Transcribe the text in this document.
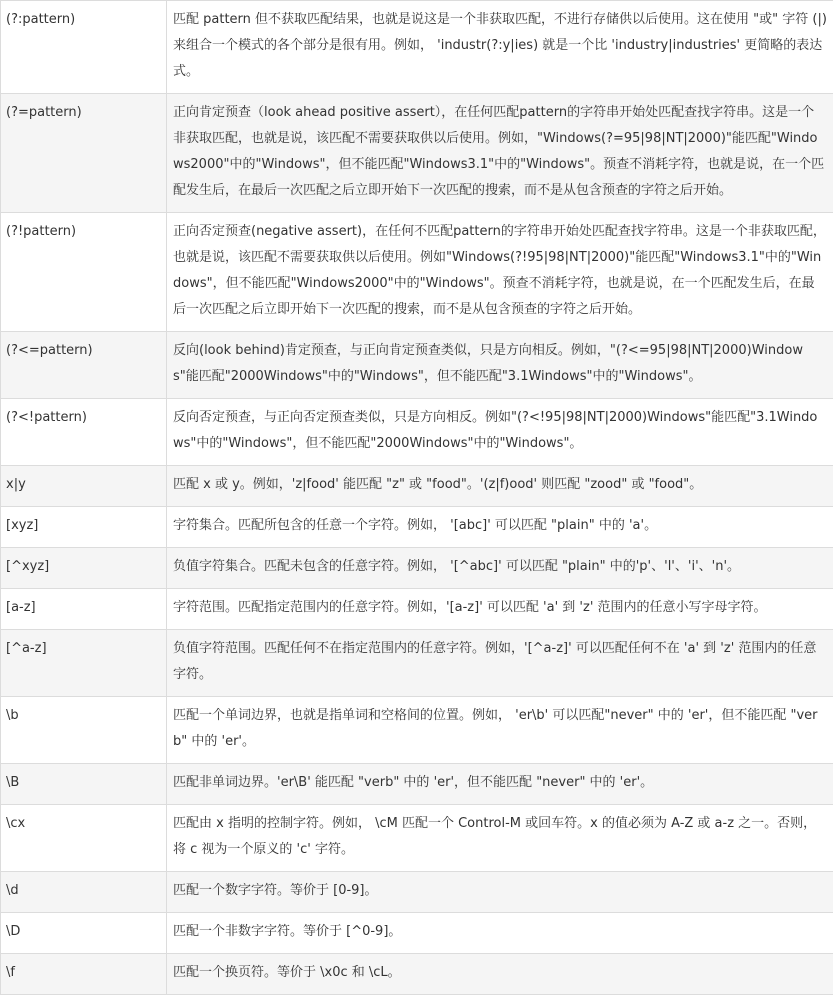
(?:pattern)	匹配 pattern 但不获取匹配结果，也就是说这是一个非获取匹配，不进行存储供以后使用。这在使用 "或" 字符 (|) 来组合一个模式的各个部分是很有用。例如， 'industr(?:y|ies) 就是一个比 'industry|industries' 更简略的表达式。
(?=pattern)	正向肯定预查（look ahead positive assert），在任何匹配pattern的字符串开始处匹配查找字符串。这是一个非获取匹配，也就是说，该匹配不需要获取供以后使用。例如，"Windows(?=95|98|NT|2000)"能匹配"Windows2000"中的"Windows"，但不能匹配"Windows3.1"中的"Windows"。预查不消耗字符，也就是说，在一个匹配发生后，在最后一次匹配之后立即开始下一次匹配的搜索，而不是从包含预查的字符之后开始。
(?!pattern)	正向否定预查(negative assert)，在任何不匹配pattern的字符串开始处匹配查找字符串。这是一个非获取匹配，也就是说，该匹配不需要获取供以后使用。例如"Windows(?!95|98|NT|2000)"能匹配"Windows3.1"中的"Windows"，但不能匹配"Windows2000"中的"Windows"。预查不消耗字符，也就是说，在一个匹配发生后，在最后一次匹配之后立即开始下一次匹配的搜索，而不是从包含预查的字符之后开始。
(?<=pattern)	反向(look behind)肯定预查，与正向肯定预查类似，只是方向相反。例如，"(?<=95|98|NT|2000)Windows"能匹配"2000Windows"中的"Windows"，但不能匹配"3.1Windows"中的"Windows"。
(?<!pattern)	反向否定预查，与正向否定预查类似，只是方向相反。例如"(?<!95|98|NT|2000)Windows"能匹配"3.1Windows"中的"Windows"，但不能匹配"2000Windows"中的"Windows"。
x|y	匹配 x 或 y。例如，'z|food' 能匹配 "z" 或 "food"。'(z|f)ood' 则匹配 "zood" 或 "food"。
[xyz]	字符集合。匹配所包含的任意一个字符。例如， '[abc]' 可以匹配 "plain" 中的 'a'。
[^xyz]	负值字符集合。匹配未包含的任意字符。例如， '[^abc]' 可以匹配 "plain" 中的'p'、'l'、'i'、'n'。
[a-z]	字符范围。匹配指定范围内的任意字符。例如，'[a-z]' 可以匹配 'a' 到 'z' 范围内的任意小写字母字符。
[^a-z]	负值字符范围。匹配任何不在指定范围内的任意字符。例如，'[^a-z]' 可以匹配任何不在 'a' 到 'z' 范围内的任意字符。
\b	匹配一个单词边界，也就是指单词和空格间的位置。例如， 'er\b' 可以匹配"never" 中的 'er'，但不能匹配 "verb" 中的 'er'。
\B	匹配非单词边界。'er\B' 能匹配 "verb" 中的 'er'，但不能匹配 "never" 中的 'er'。
\cx	匹配由 x 指明的控制字符。例如， \cM 匹配一个 Control-M 或回车符。x 的值必须为 A-Z 或 a-z 之一。否则，将 c 视为一个原义的 'c' 字符。
\d	匹配一个数字字符。等价于 [0-9]。
\D	匹配一个非数字字符。等价于 [^0-9]。
\f	匹配一个换页符。等价于 \x0c 和 \cL。
